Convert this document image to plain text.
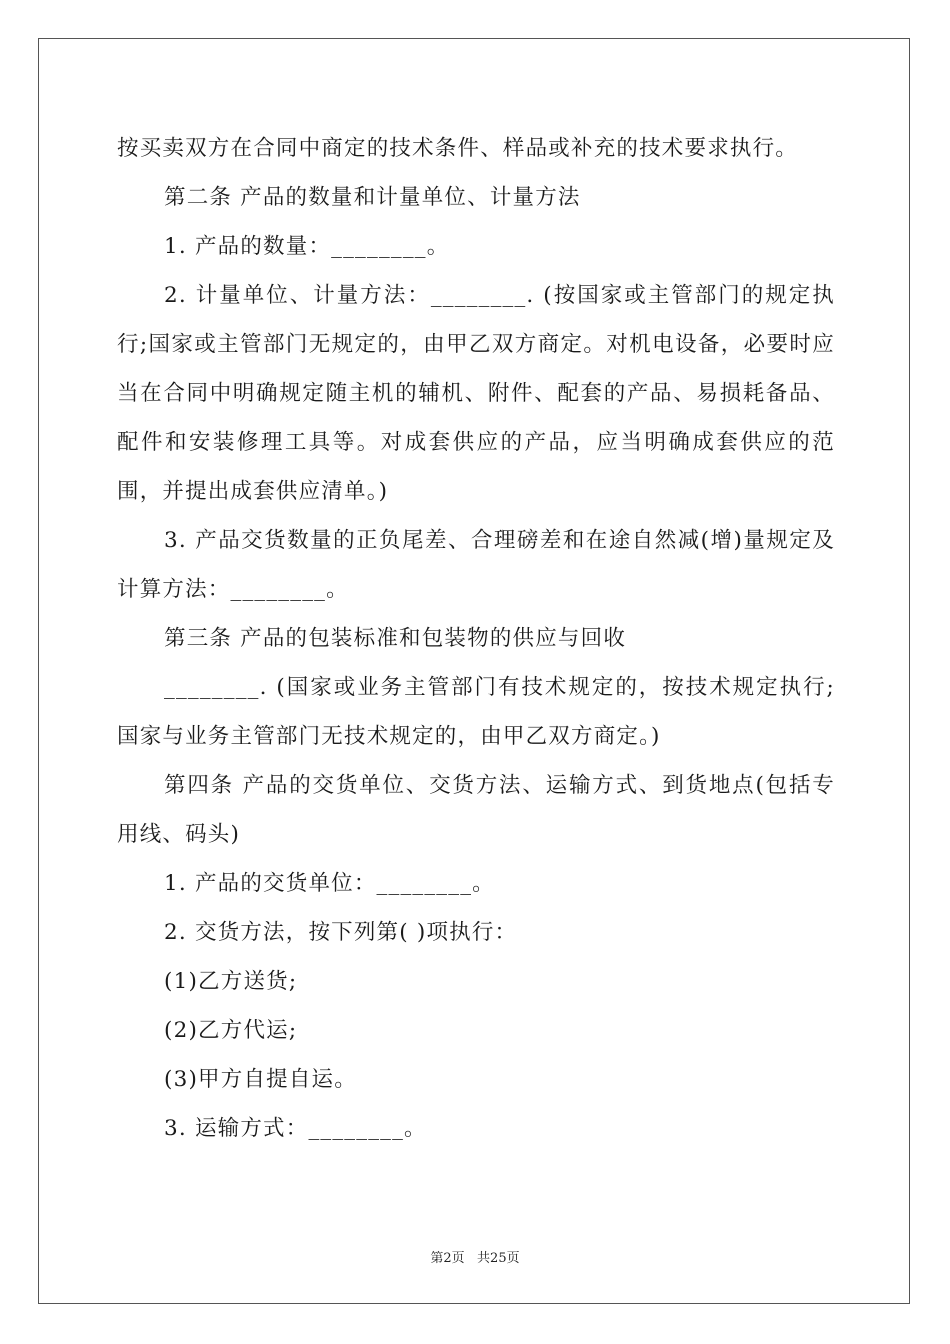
按买卖双方在合同中商定的技术条件、样品或补充的技术要求执行。

第二条 产品的数量和计量单位、计量方法

1. 产品的数量：________。

2. 计量单位、计量方法：________. (按国家或主管部门的规定执行;国家或主管部门无规定的，由甲乙双方商定。对机电设备，必要时应当在合同中明确规定随主机的辅机、附件、配套的产品、易损耗备品、配件和安装修理工具等。对成套供应的产品，应当明确成套供应的范围，并提出成套供应清单。)

3. 产品交货数量的正负尾差、合理磅差和在途自然减(增)量规定及计算方法：________。

第三条 产品的包装标准和包装物的供应与回收

________. (国家或业务主管部门有技术规定的，按技术规定执行;国家与业务主管部门无技术规定的，由甲乙双方商定。)

第四条 产品的交货单位、交货方法、运输方式、到货地点(包括专用线、码头)

1. 产品的交货单位：________。

2. 交货方法，按下列第( )项执行：

(1)乙方送货;

(2)乙方代运;

(3)甲方自提自运。

3. 运输方式：________。

第2页   共25页
